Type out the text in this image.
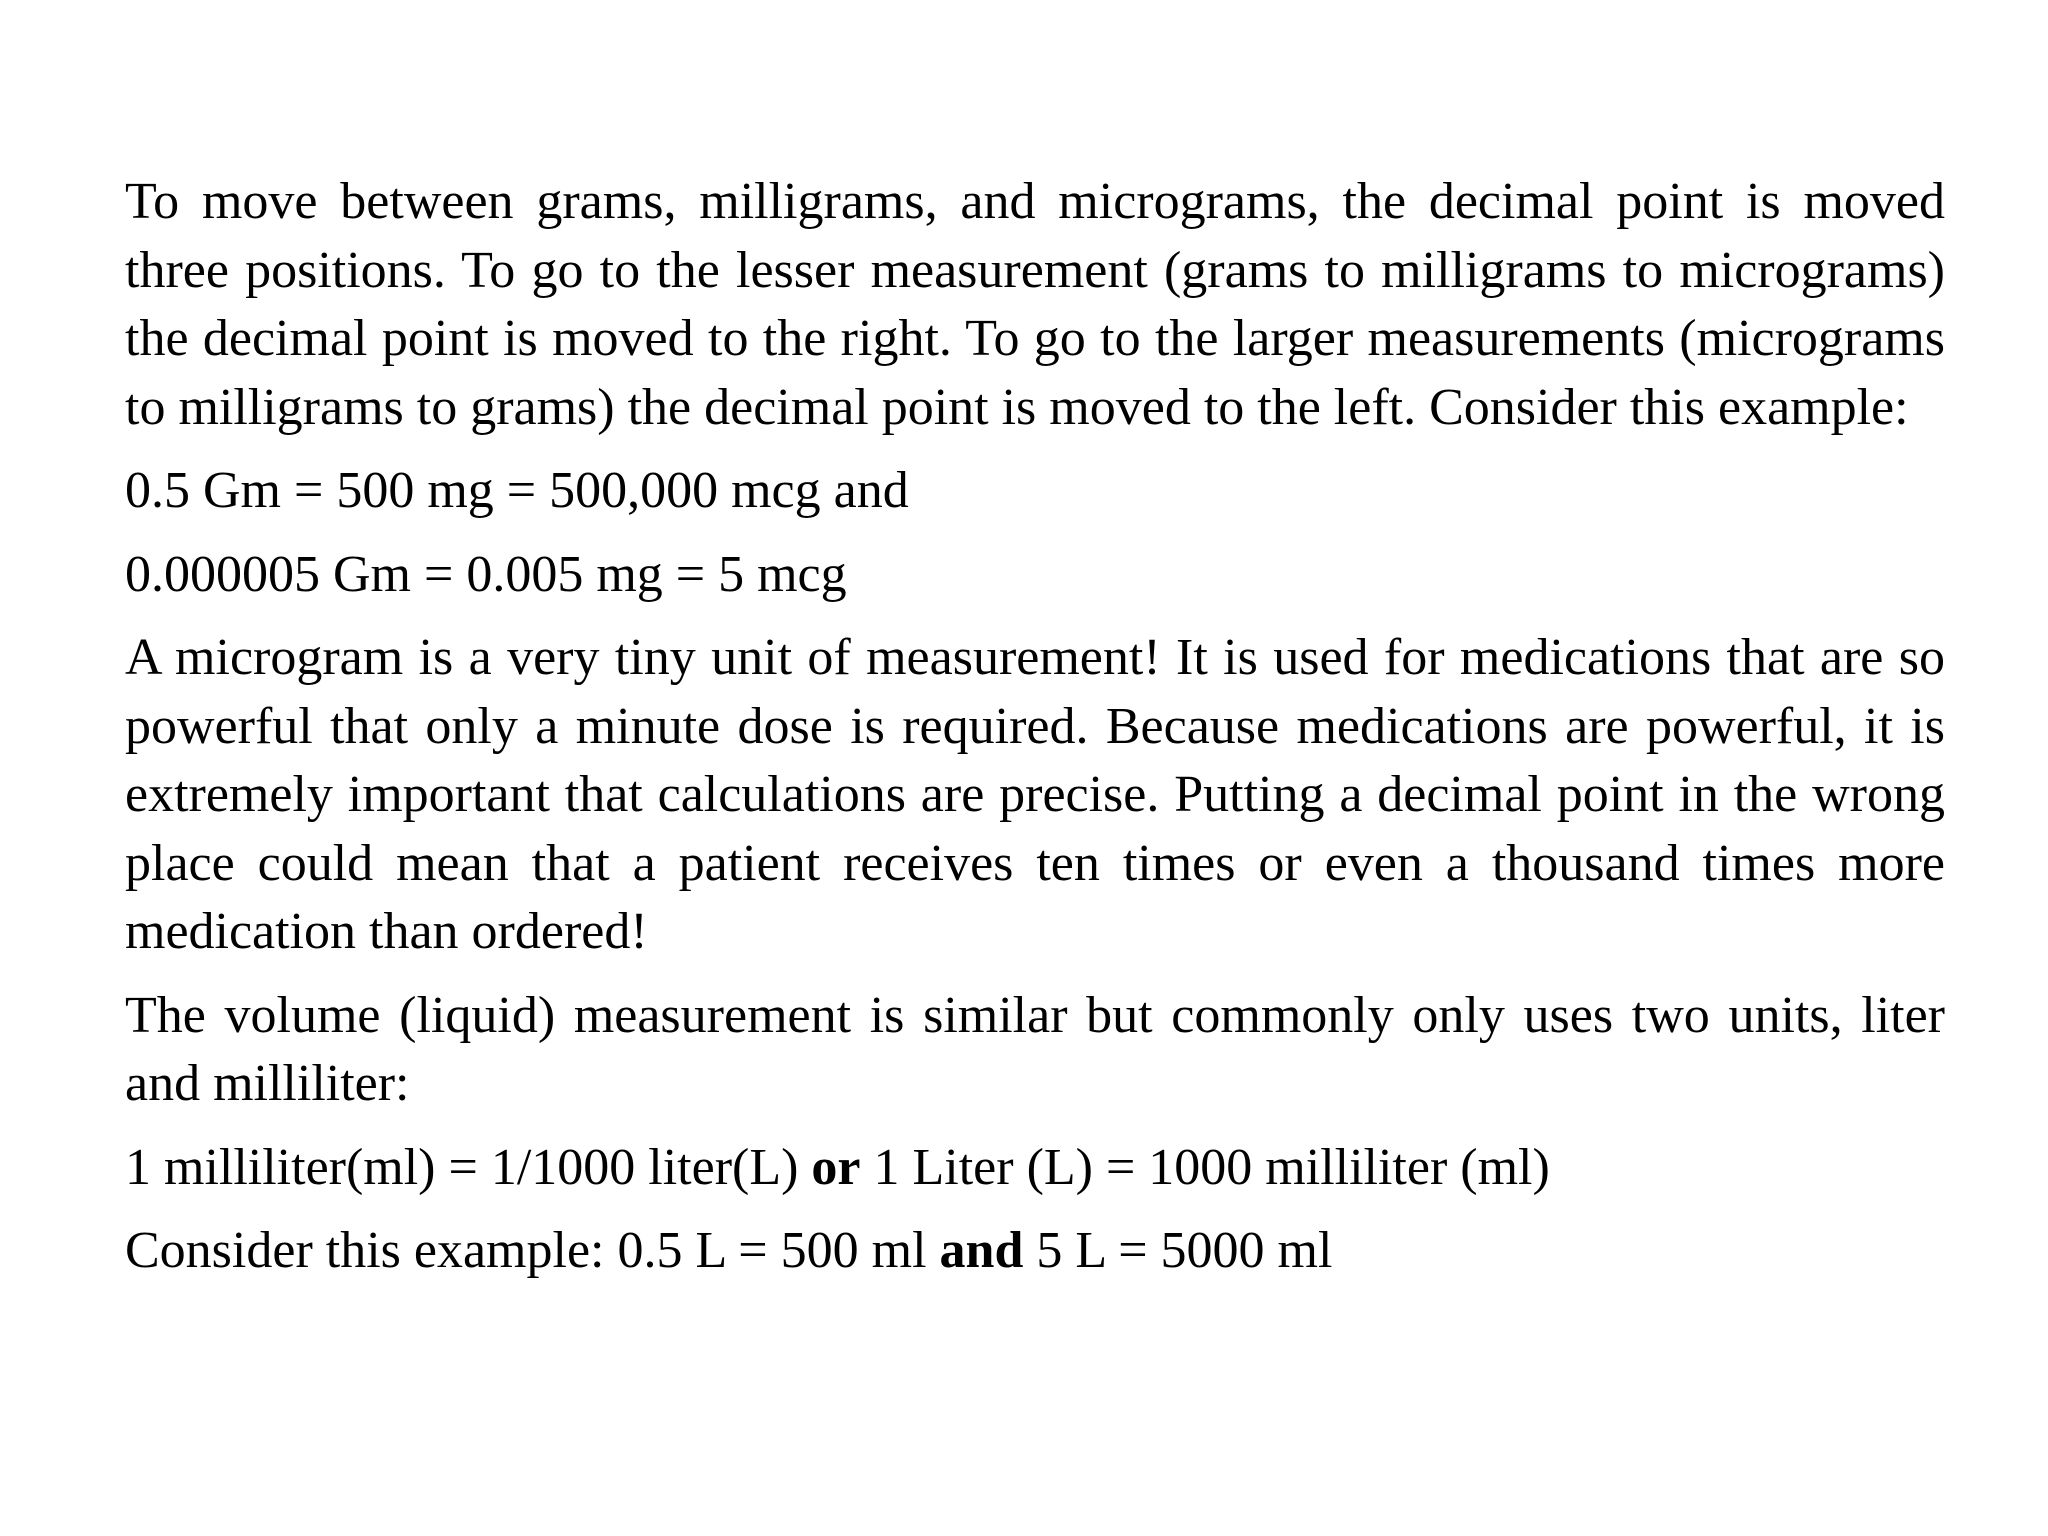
To move between grams, milligrams, and micrograms, the decimal point is moved three positions. To go to the lesser measurement (grams to milligrams to micrograms) the decimal point is moved to the right. To go to the larger measurements (micrograms to milligrams to grams) the decimal point is moved to the left. Consider this example:

0.5 Gm = 500 mg = 500,000 mcg and

0.000005 Gm = 0.005 mg = 5 mcg

A microgram is a very tiny unit of measurement! It is used for medications that are so powerful that only a minute dose is required. Because medications are powerful, it is extremely important that calculations are precise. Putting a decimal point in the wrong place could mean that a patient receives ten times or even a thousand times more medication than ordered!

The volume (liquid) measurement is similar but commonly only uses two units, liter and milliliter:

1 milliliter(ml) = 1/1000 liter(L) or 1 Liter (L) = 1000 milliliter (ml)

Consider this example: 0.5 L = 500 ml and 5 L = 5000 ml
